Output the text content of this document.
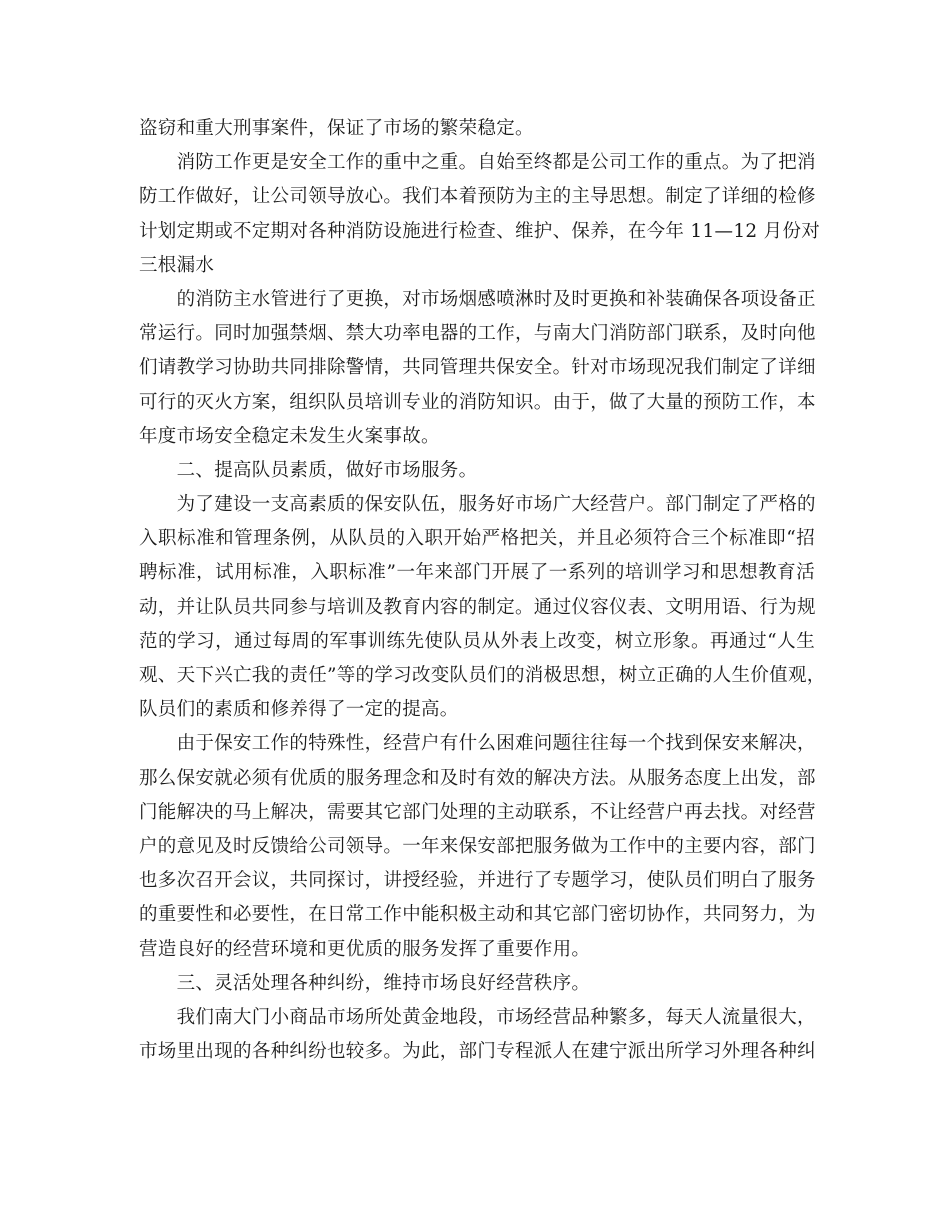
盗窃和重大刑事案件，保证了市场的繁荣稳定。
　　消防工作更是安全工作的重中之重。自始至终都是公司工作的重点。为了把消
防工作做好，让公司领导放心。我们本着预防为主的主导思想。制定了详细的检修
计划定期或不定期对各种消防设施进行检查、维护、保养，在今年 11—12 月份对
三根漏水
　　的消防主水管进行了更换，对市场烟感喷淋时及时更换和补装确保各项设备正
常运行。同时加强禁烟、禁大功率电器的工作，与南大门消防部门联系，及时向他
们请教学习协助共同排除警情，共同管理共保安全。针对市场现况我们制定了详细
可行的灭火方案，组织队员培训专业的消防知识。由于，做了大量的预防工作，本
年度市场安全稳定未发生火案事故。
　　二、提高队员素质，做好市场服务。
　　为了建设一支高素质的保安队伍，服务好市场广大经营户。部门制定了严格的
入职标准和管理条例，从队员的入职开始严格把关，并且必须符合三个标准即“招
聘标准，试用标准，入职标准”一年来部门开展了一系列的培训学习和思想教育活
动，并让队员共同参与培训及教育内容的制定。通过仪容仪表、文明用语、行为规
范的学习，通过每周的军事训练先使队员从外表上改变，树立形象。再通过“人生
观、天下兴亡我的责任”等的学习改变队员们的消极思想，树立正确的人生价值观，
队员们的素质和修养得了一定的提高。
　　由于保安工作的特殊性，经营户有什么困难问题往往每一个找到保安来解决，
那么保安就必须有优质的服务理念和及时有效的解决方法。从服务态度上出发，部
门能解决的马上解决，需要其它部门处理的主动联系，不让经营户再去找。对经营
户的意见及时反馈给公司领导。一年来保安部把服务做为工作中的主要内容，部门
也多次召开会议，共同探讨，讲授经验，并进行了专题学习，使队员们明白了服务
的重要性和必要性，在日常工作中能积极主动和其它部门密切协作，共同努力，为
营造良好的经营环境和更优质的服务发挥了重要作用。
　　三、灵活处理各种纠纷，维持市场良好经营秩序。
　　我们南大门小商品市场所处黄金地段，市场经营品种繁多，每天人流量很大，
市场里出现的各种纠纷也较多。为此，部门专程派人在建宁派出所学习外理各种纠
